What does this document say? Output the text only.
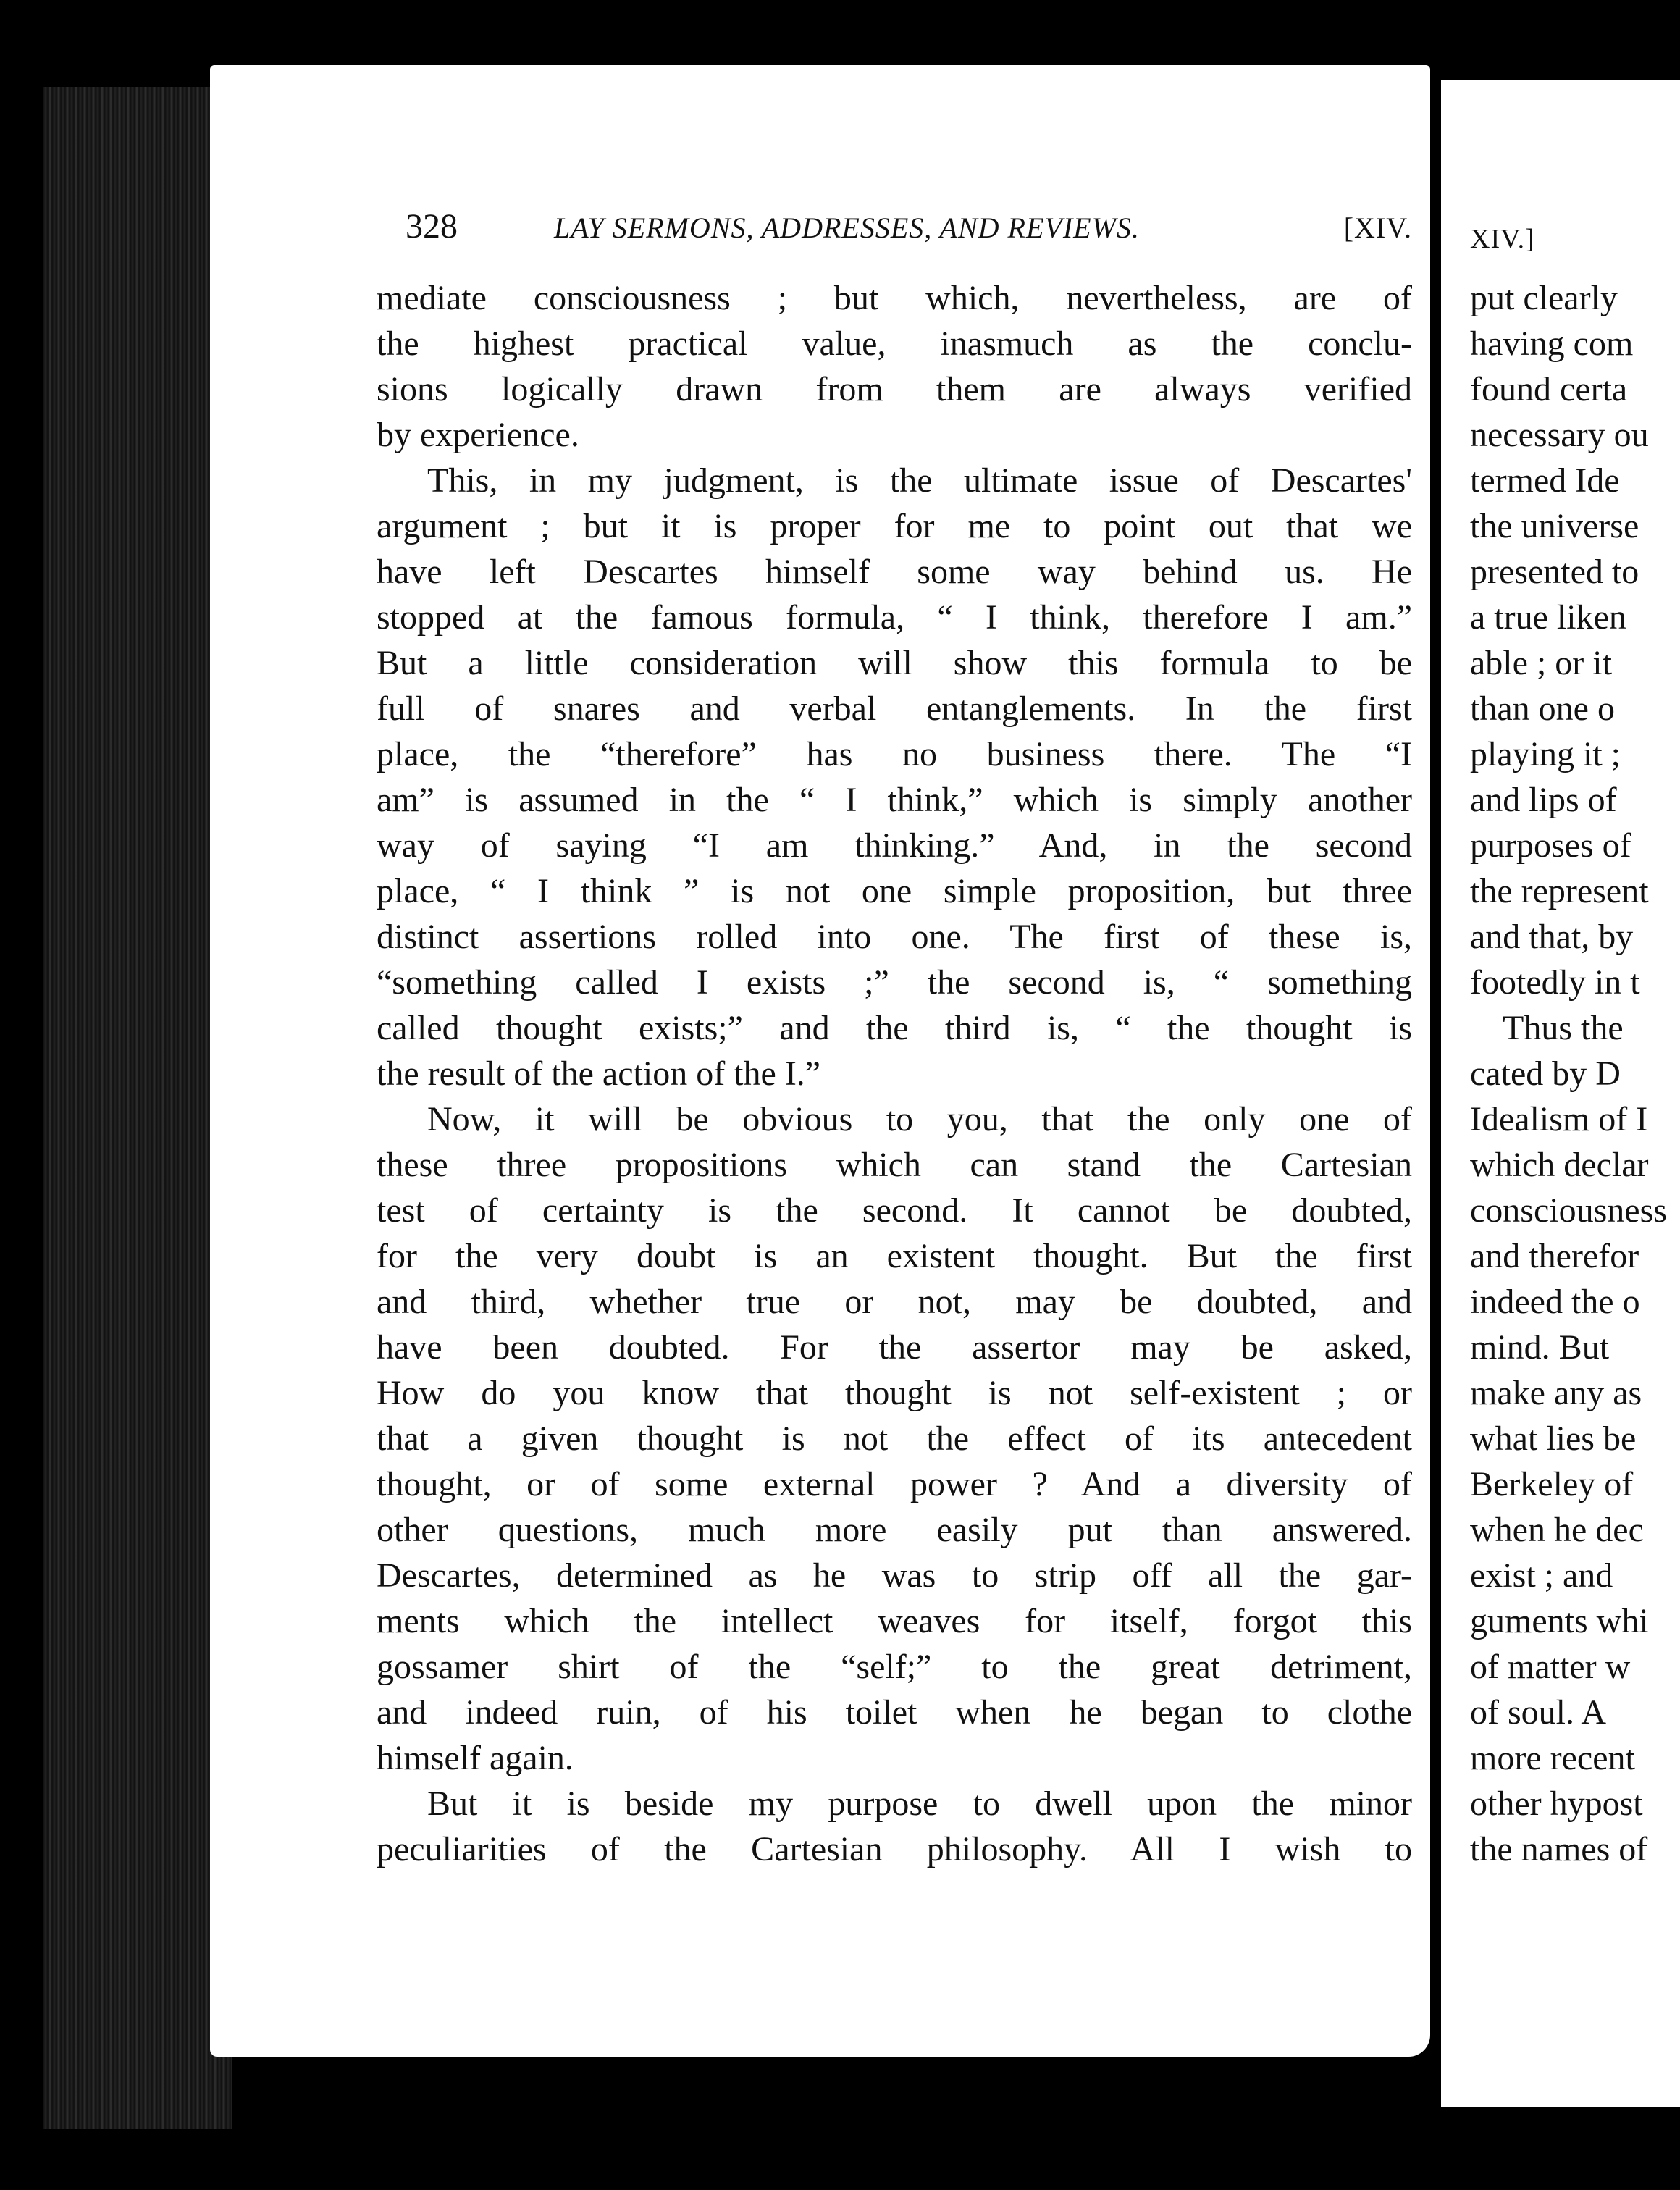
328	LAY SERMONS, ADDRESSES, AND REVIEWS.	[XIV.
mediate consciousness ; but which, nevertheless, are of
the highest practical value, inasmuch as the conclu-
sions logically drawn from them are always verified
by experience.
This, in my judgment, is the ultimate issue of Descartes'
argument ; but it is proper for me to point out that we
have left Descartes himself some way behind us. He
stopped at the famous formula, “ I think, therefore I am.”
But a little consideration will show this formula to be
full of snares and verbal entanglements. In the first
place, the “therefore” has no business there. The “I
am” is assumed in the “ I think,” which is simply another
way of saying “I am thinking.” And, in the second
place, “ I think ” is not one simple proposition, but three
distinct assertions rolled into one. The first of these is,
“something called I exists ;” the second is, “ something
called thought exists;” and the third is, “ the thought is
the result of the action of the I.”
Now, it will be obvious to you, that the only one of
these three propositions which can stand the Cartesian
test of certainty is the second. It cannot be doubted,
for the very doubt is an existent thought. But the first
and third, whether true or not, may be doubted, and
have been doubted. For the assertor may be asked,
How do you know that thought is not self-existent ; or
that a given thought is not the effect of its antecedent
thought, or of some external power ? And a diversity of
other questions, much more easily put than answered.
Descartes, determined as he was to strip off all the gar-
ments which the intellect weaves for itself, forgot this
gossamer shirt of the “self;” to the great detriment,
and indeed ruin, of his toilet when he began to clothe
himself again.
But it is beside my purpose to dwell upon the minor
peculiarities of the Cartesian philosophy. All I wish to
XIV.]
put clearly
having com
found certa
necessary ou
termed Ide
the universe
presented to
a true liken
able ; or it
than one o
playing it ;
and lips of
purposes of
the represent
and that, by
footedly in t
Thus the
cated by D
Idealism of I
which declar
consciousness
and therefor
indeed the o
mind. But
make any as
what lies be
Berkeley of
when he dec
exist ; and
guments whi
of matter w
of soul. A
more recent
other hypost
the names of
